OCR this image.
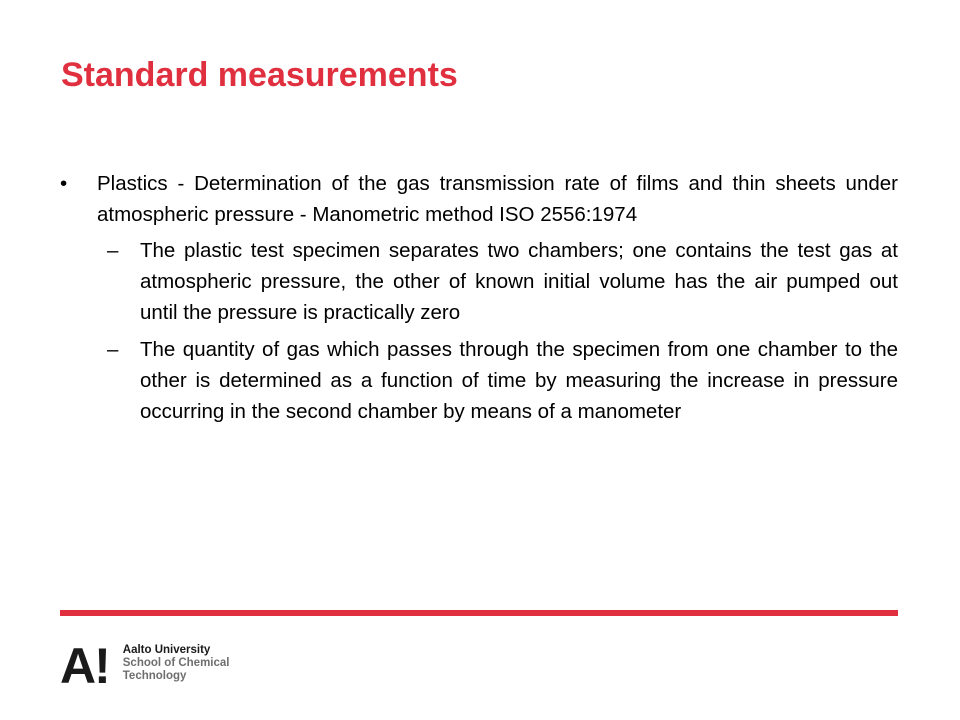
Standard measurements
• Plastics - Determination of the gas transmission rate of films and thin sheets under atmospheric pressure - Manometric method ISO 2556:1974
– The plastic test specimen separates two chambers; one contains the test gas at atmospheric pressure, the other of known initial volume has the air pumped out until the pressure is practically zero
– The quantity of gas which passes through the specimen from one chamber to the other is determined as a function of time by measuring the increase in pressure occurring in the second chamber by means of a manometer
A! Aalto University
School of Chemical
Technology
